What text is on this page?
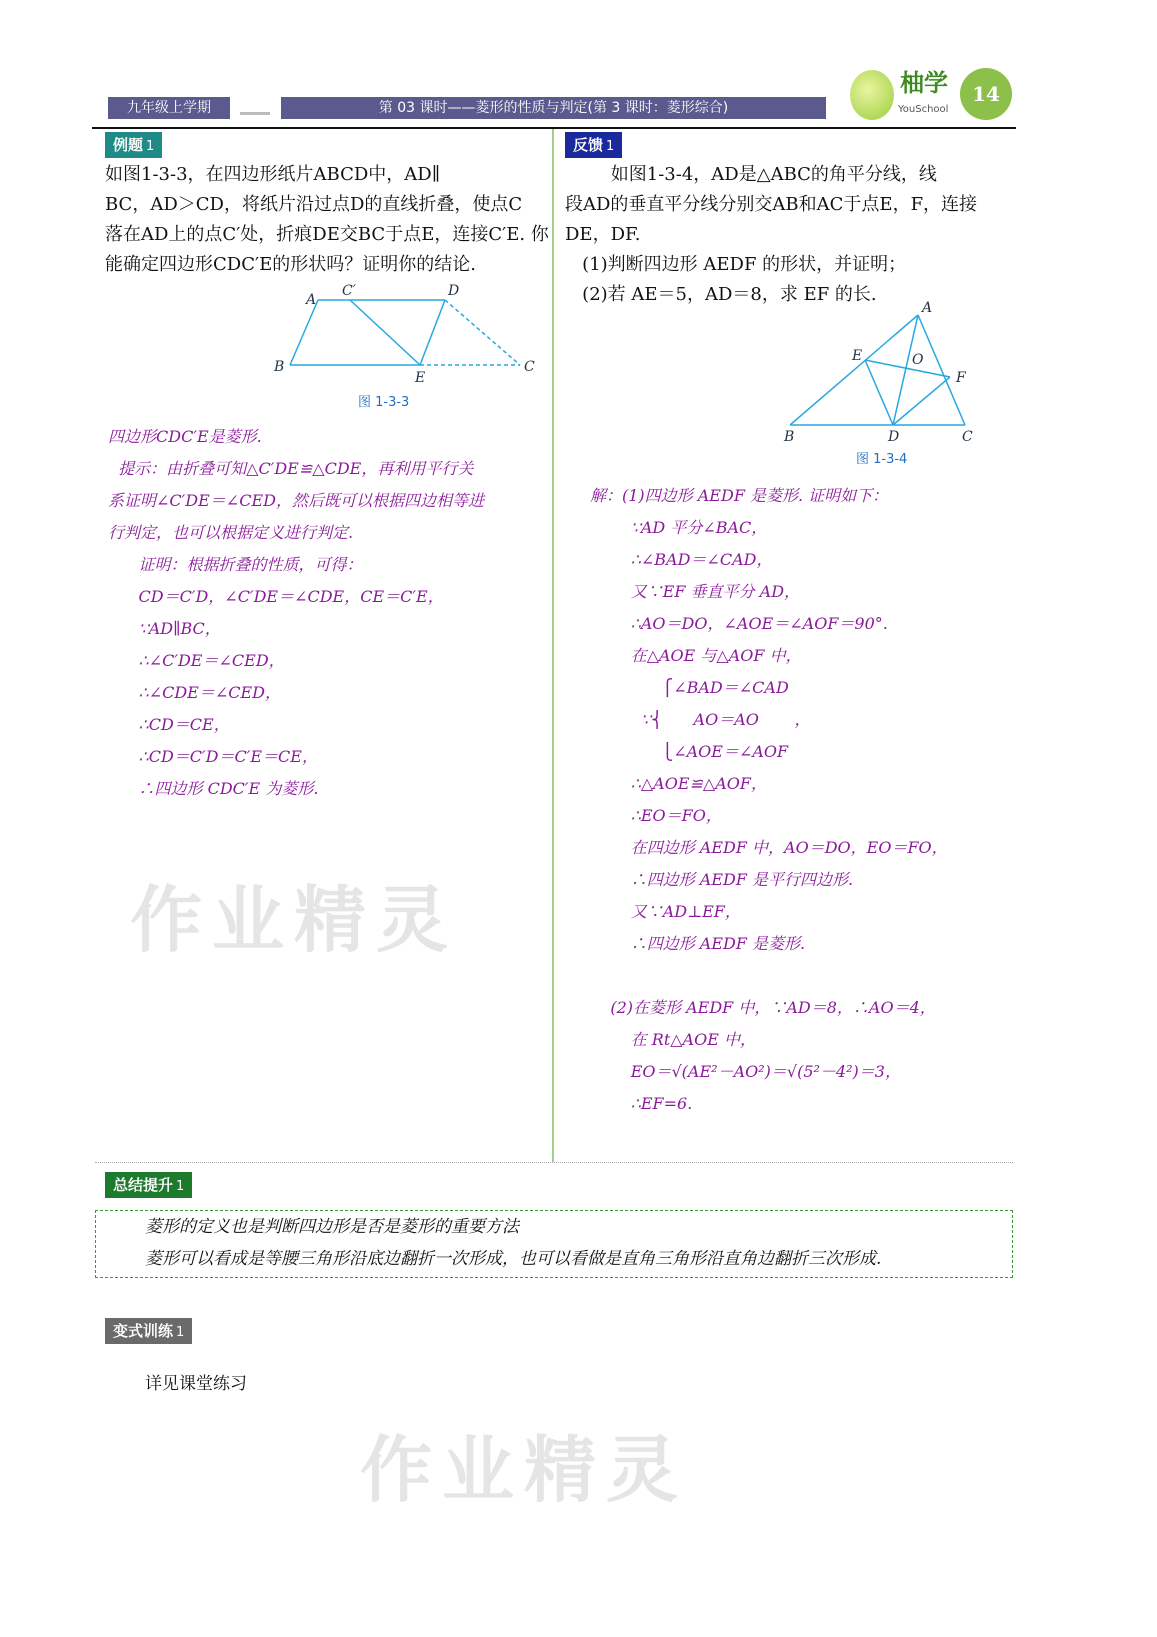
九年级上学期	第 03 课时——菱形的性质与判定(第 3 课时：菱形综合)
柚学
YouSchool
14
例题 1
如图1-3-3，在四边形纸片ABCD中，AD∥
BC，AD＞CD，将纸片沿过点D的直线折叠，使点C
落在AD上的点C′处，折痕DE交BC于点E，连接C′E. 你
能确定四边形CDC′E的形状吗？证明你的结论.
A
C′	D
B
E
C
图 1-3-3
四边形CDC′E是菱形.
提示：由折叠可知△C′DE≌△CDE，再利用平行关
系证明∠C′DE＝∠CED，然后既可以根据四边相等进
行判定，也可以根据定义进行判定.
证明：根据折叠的性质，可得：
CD＝C′D，∠C′DE＝∠CDE，CE＝C′E，
∵AD∥BC，
∴∠C′DE＝∠CED，
∴∠CDE＝∠CED，
∴CD＝CE，
∴CD＝C′D＝C′E＝CE，
∴四边形 CDC′E 为菱形.
反馈 1
如图1-3-4，AD是△ABC的角平分线，线
段AD的垂直平分线分别交AB和AC于点E，F，连接
DE，DF.
(1)判断四边形 AEDF 的形状，并证明；
(2)若 AE＝5，AD＝8，求 EF 的长.
A
E	O
F
B	D	C
图 1-3-4
解：(1)四边形 AEDF 是菱形. 证明如下：
∵AD 平分∠BAC，
∴∠BAD＝∠CAD，
又∵EF 垂直平分 AD，
∴AO＝DO，∠AOE＝∠AOF＝90°.
在△AOE 与△AOF 中，
⎧∠BAD＝∠CAD
∵⎨      AO＝AO       ，
⎩∠AOE＝∠AOF
∴△AOE≌△AOF，
∴EO＝FO，
在四边形 AEDF 中，AO＝DO，EO＝FO，
∴四边形 AEDF 是平行四边形.
又∵AD⊥EF，
∴四边形 AEDF 是菱形.
(2)在菱形 AEDF 中，∵AD＝8，∴AO＝4，
在 Rt△AOE 中，
EO＝√(AE²－AO²)＝√(5²－4²)＝3，
∴EF=6.
作业精灵
作业精灵
总结提升 1
菱形的定义也是判断四边形是否是菱形的重要方法
菱形可以看成是等腰三角形沿底边翻折一次形成，也可以看做是直角三角形沿直角边翻折三次形成.
变式训练 1
详见课堂练习
